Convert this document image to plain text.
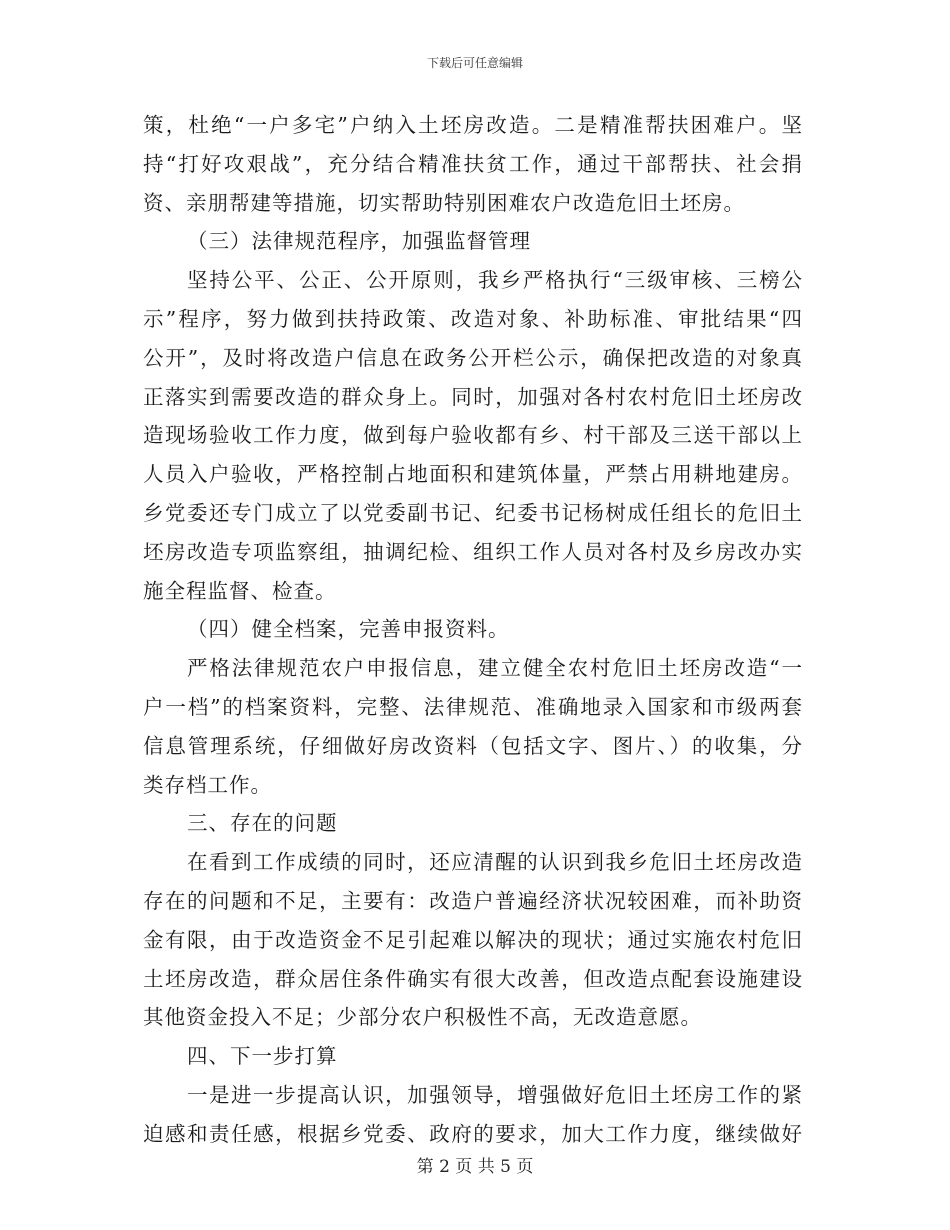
下载后可任意编辑
策，杜绝“一户多宅”户纳入土坯房改造。二是精准帮扶困难户。坚
持“打好攻艰战”，充分结合精准扶贫工作，通过干部帮扶、社会捐
资、亲朋帮建等措施，切实帮助特别困难农户改造危旧土坯房。
（三）法律规范程序，加强监督管理
坚持公平、公正、公开原则，我乡严格执行“三级审核、三榜公
示”程序，努力做到扶持政策、改造对象、补助标准、审批结果“四
公开”，及时将改造户信息在政务公开栏公示，确保把改造的对象真
正落实到需要改造的群众身上。同时，加强对各村农村危旧土坯房改
造现场验收工作力度，做到每户验收都有乡、村干部及三送干部以上
人员入户验收，严格控制占地面积和建筑体量，严禁占用耕地建房。
乡党委还专门成立了以党委副书记、纪委书记杨树成任组长的危旧土
坯房改造专项监察组，抽调纪检、组织工作人员对各村及乡房改办实
施全程监督、检查。
（四）健全档案，完善申报资料。
严格法律规范农户申报信息，建立健全农村危旧土坯房改造“一
户一档”的档案资料，完整、法律规范、准确地录入国家和市级两套
信息管理系统，仔细做好房改资料（包括文字、图片、）的收集，分
类存档工作。
三、存在的问题
在看到工作成绩的同时，还应清醒的认识到我乡危旧土坯房改造
存在的问题和不足，主要有：改造户普遍经济状况较困难，而补助资
金有限，由于改造资金不足引起难以解决的现状；通过实施农村危旧
土坯房改造，群众居住条件确实有很大改善，但改造点配套设施建设
其他资金投入不足；少部分农户积极性不高，无改造意愿。
四、下一步打算
一是进一步提高认识，加强领导，增强做好危旧土坯房工作的紧
迫感和责任感，根据乡党委、政府的要求，加大工作力度，继续做好
第 2 页 共 5 页
